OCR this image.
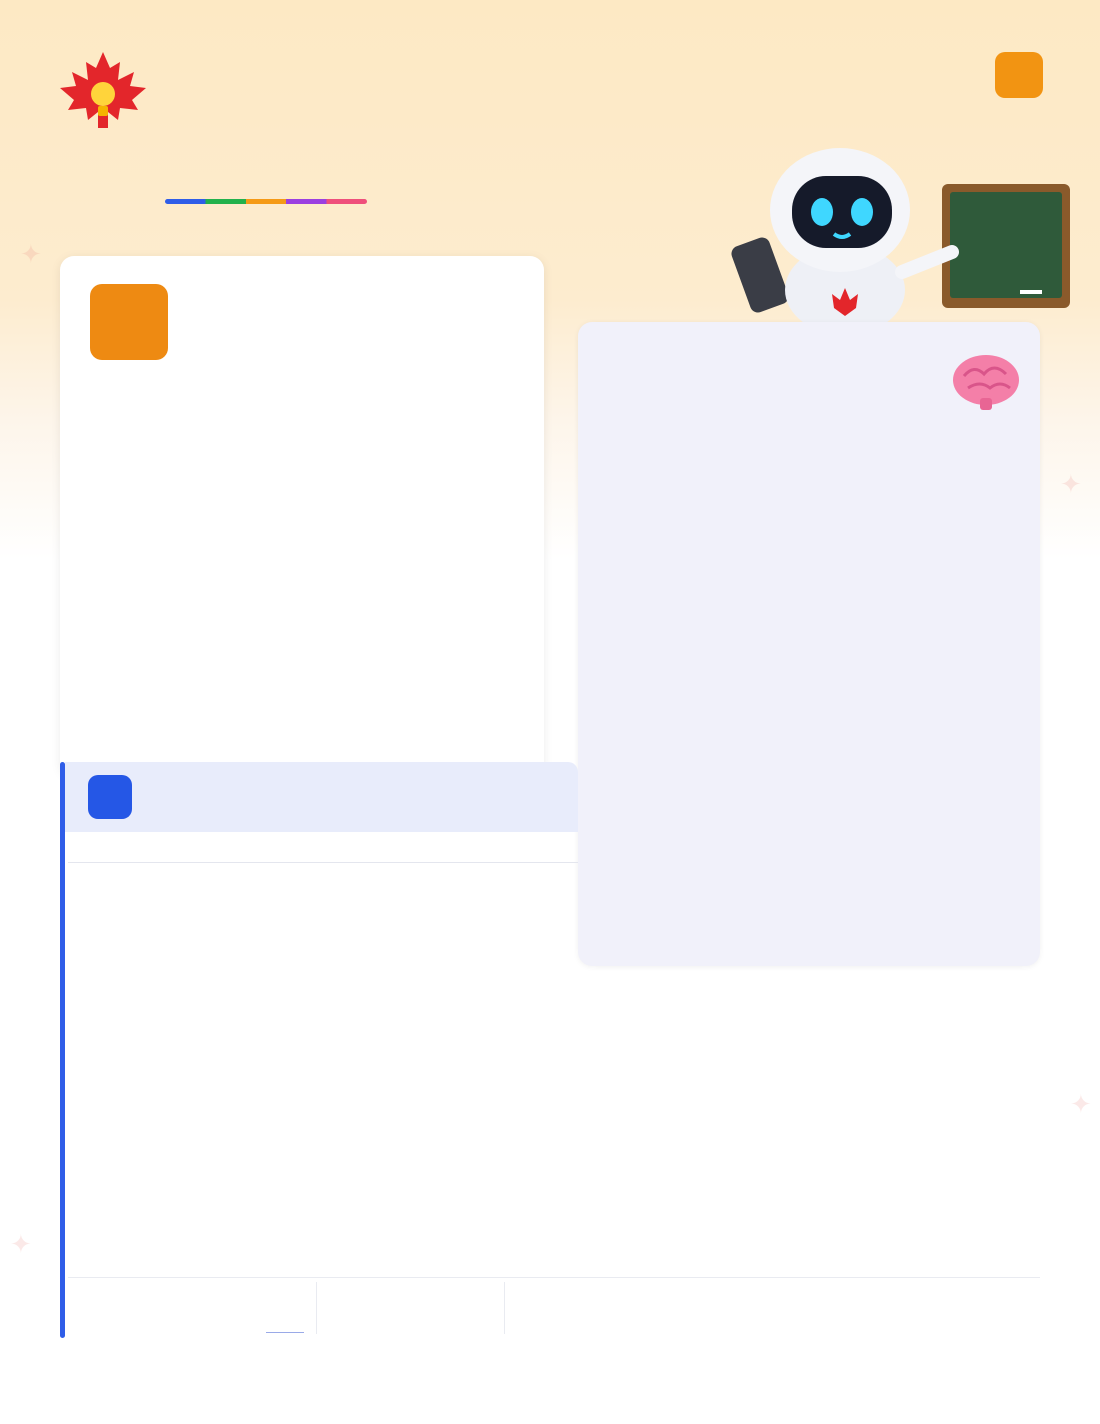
✦
✦
✦
✦
